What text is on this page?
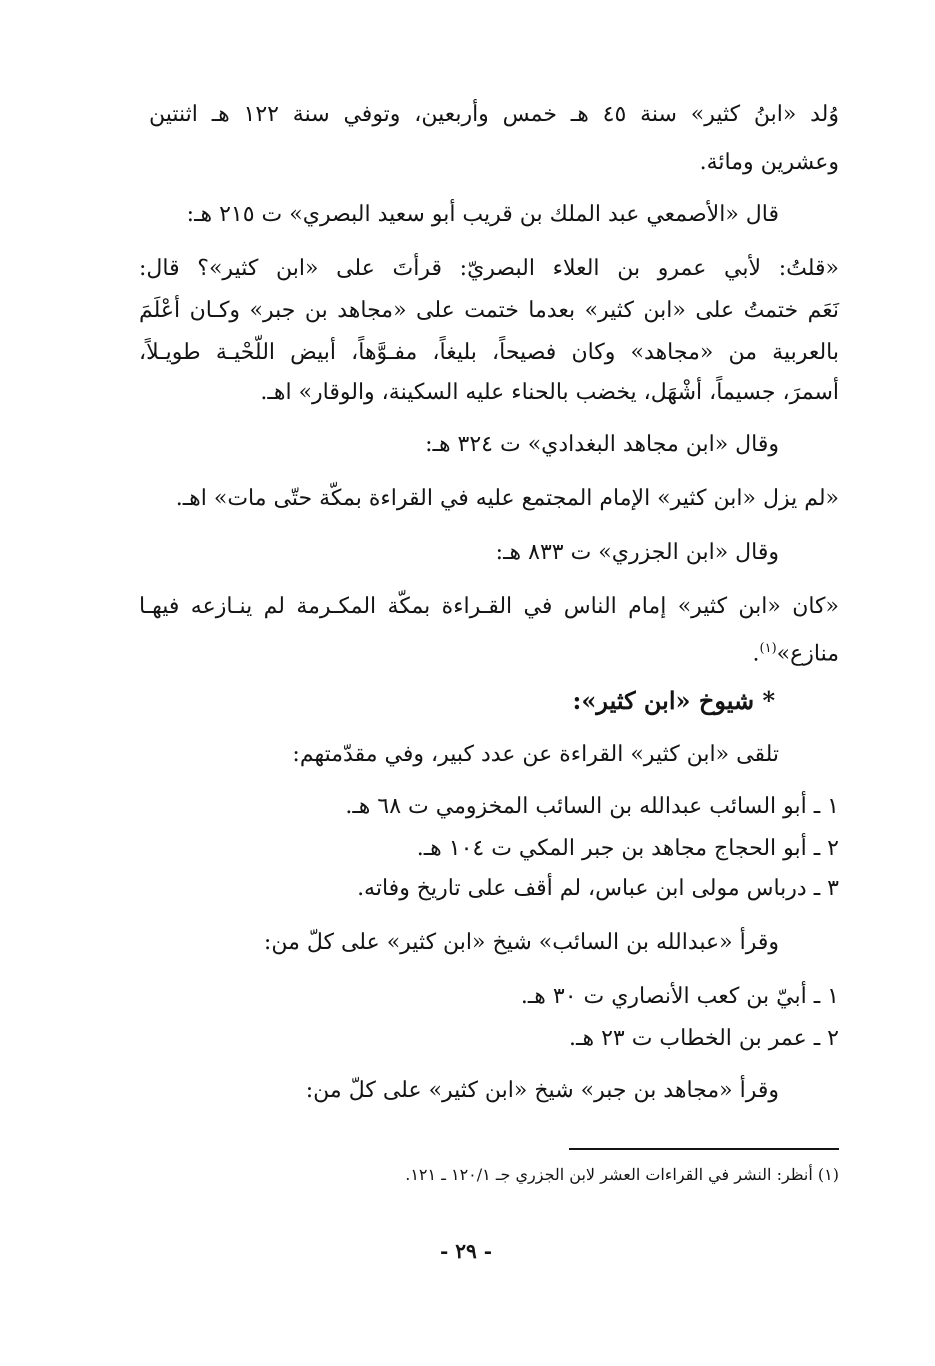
وُلد «ابنُ كثير» سنة ٤٥ هـ خمس وأربعين، وتوفي سنة ١٢٢ هـ اثنتين
وعشرين ومائة.
قال «الأصمعي عبد الملك بن قريب أبو سعيد البصري» ت ٢١٥ هـ:
«قلتُ: لأبي عمرو بن العلاء البصريّ: قرأتَ على «ابن كثير»؟ قال:
نَعَم ختمتُ على «ابن كثير» بعدما ختمت على «مجاهد بن جبر» وكـان أعْلَمَ
بالعربية من «مجاهد» وكان فصيحاً، بليغاً، مفـوَّهاً، أبيض اللّحْيـة طويـلاً،
أسمرَ، جسيماً، أشْهَل، يخضب بالحناء عليه السكينة، والوقار» اهـ.
وقال «ابن مجاهد البغدادي» ت ٣٢٤ هـ:
«لم يزل «ابن كثير» الإمام المجتمع عليه في القراءة بمكّة حتّى مات» اهـ.
وقال «ابن الجزري» ت ٨٣٣ هـ:
«كان «ابن كثير» إمام الناس في القـراءة بمكّة المكـرمة لم ينـازعه فيهـا
منازع»$^{(١)}$.
* شيوخ «ابن كثير»:
تلقى «ابن كثير» القراءة عن عدد كبير، وفي مقدّمتهم:
١ ـ أبو السائب عبدالله بن السائب المخزومي ت ٦٨ هـ.
٢ ـ أبو الحجاج مجاهد بن جبر المكي ت ١٠٤ هـ.
٣ ـ درباس مولى ابن عباس، لم أقف على تاريخ وفاته.
وقرأ «عبدالله بن السائب» شيخ «ابن كثير» على كلّ من:
١ ـ أبيّ بن كعب الأنصاري ت ٣٠ هـ.
٢ ـ عمر بن الخطاب ت ٢٣ هـ.
وقرأ «مجاهد بن جبر» شيخ «ابن كثير» على كلّ من:
(١) أنظر: النشر في القراءات العشر لابن الجزري جـ ١٢٠/١ ـ ١٢١.
- ٢٩ -
